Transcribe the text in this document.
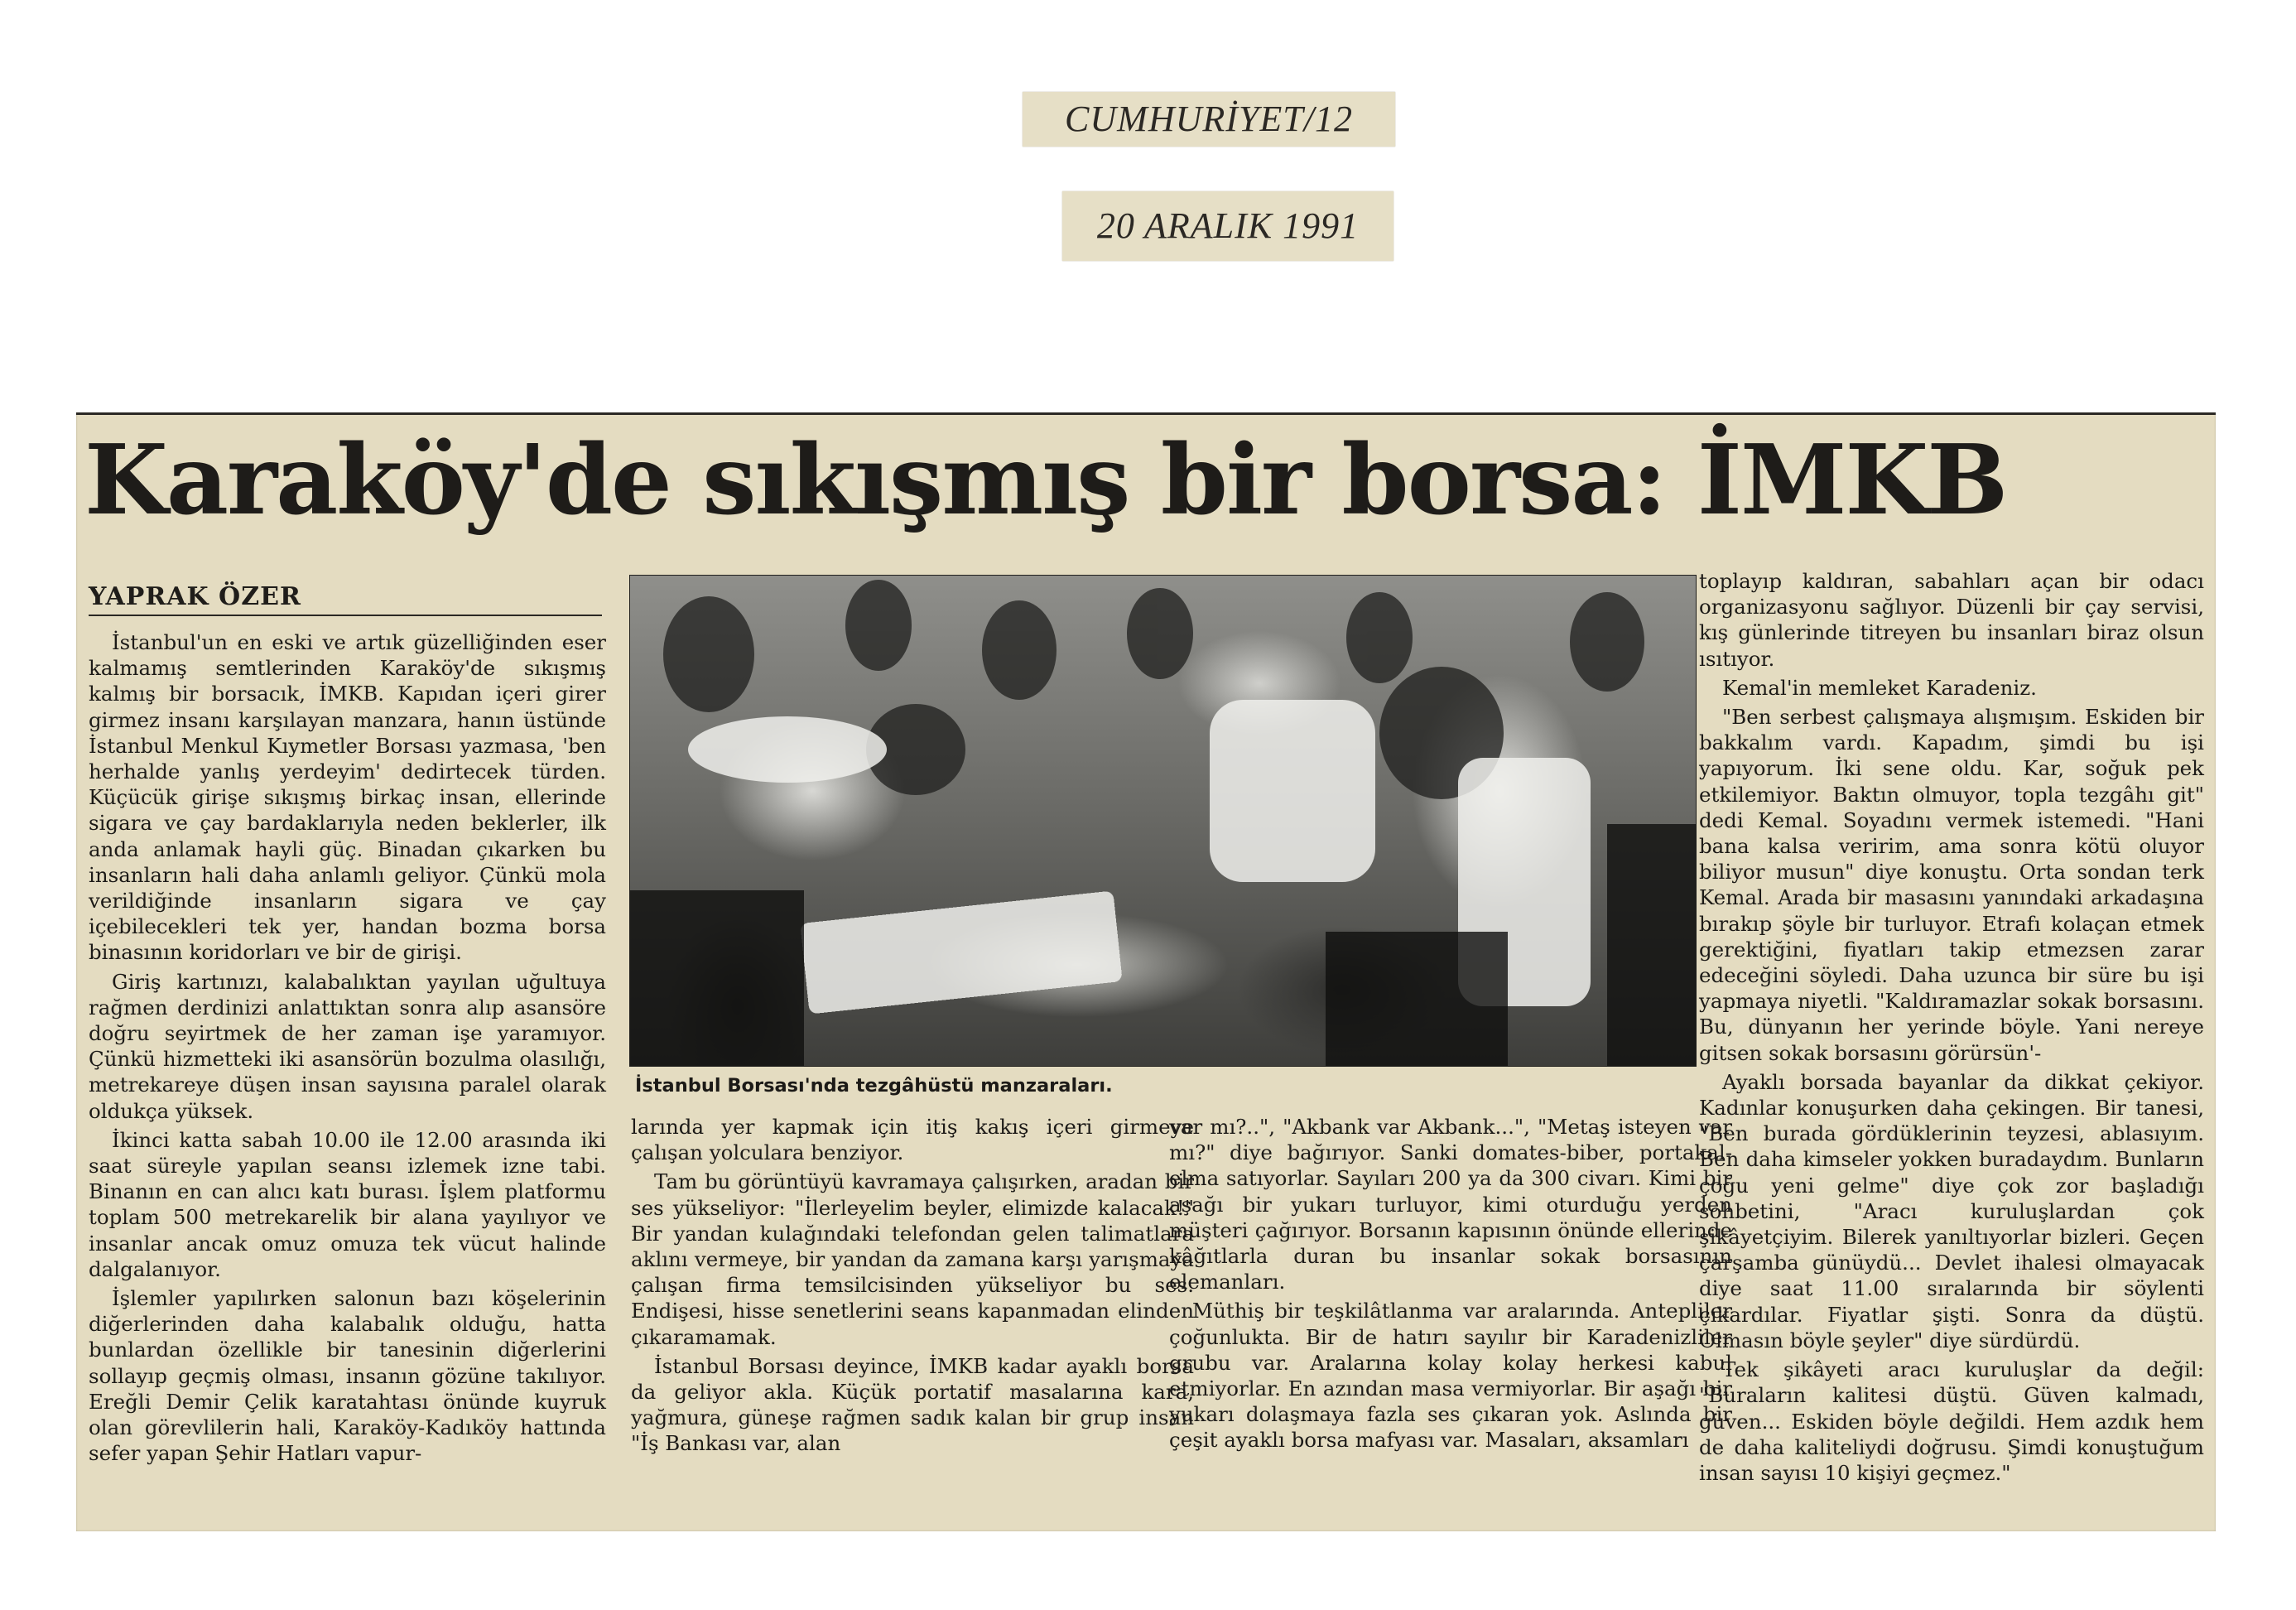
CUMHURİYET/12
20 ARALIK 1991
Karaköy'de sıkışmış bir borsa: İMKB
YAPRAK ÖZER

İstanbul'un en eski ve artık güzelliğinden eser kalmamış semtlerinden Karaköy'de sıkışmış kalmış bir borsacık, İMKB. Kapıdan içeri girer girmez insanı karşılayan manzara, hanın üstünde İstanbul Menkul Kıymetler Borsası yazmasa, 'ben herhalde yanlış yerdeyim' dedirtecek türden. Küçücük girişe sıkışmış birkaç insan, ellerinde sigara ve çay bardaklarıyla neden beklerler, ilk anda anlamak hayli güç. Binadan çıkarken bu insanların hali daha anlamlı geliyor. Çünkü mola verildiğinde insanların sigara ve çay içebilecekleri tek yer, handan bozma borsa binasının koridorları ve bir de girişi.

Giriş kartınızı, kalabalıktan yayılan uğultuya rağmen derdinizi anlattıktan sonra alıp asansöre doğru seyirtmek de her zaman işe yaramıyor. Çünkü hizmetteki iki asansörün bozulma olasılığı, metrekareye düşen insan sayısına paralel olarak oldukça yüksek.

İkinci katta sabah 10.00 ile 12.00 arasında iki saat süreyle yapılan seansı izlemek izne tabi. Binanın en can alıcı katı burası. İşlem platformu toplam 500 metrekarelik bir alana yayılıyor ve insanlar ancak omuz omuza tek vücut halinde dalgalanıyor.

İşlemler yapılırken salonun bazı köşelerinin diğerlerinden daha kalabalık olduğu, hatta bunlardan özellikle bir tanesinin diğerlerini sollayıp geçmiş olması, insanın gözüne takılıyor. Ereğli Demir Çelik karatahtası önünde kuyruk olan görevlilerin hali, Karaköy-Kadıköy hattında sefer yapan Şehir Hatları vapur-

İstanbul Borsası'nda tezgâhüstü manzaraları.

larında yer kapmak için itiş kakış içeri girmeye çalışan yolculara benziyor.

Tam bu görüntüyü kavramaya çalışırken, aradan bir ses yükseliyor: "İlerleyelim beyler, elimizde kalacak!" Bir yandan kulağındaki telefondan gelen talimatlara aklını vermeye, bir yandan da zamana karşı yarışmaya çalışan firma temsilcisinden yükseliyor bu ses. Endişesi, hisse senetlerini seans kapanmadan elinden çıkaramamak.

İstanbul Borsası deyince, İMKB kadar ayaklı borsa da geliyor akla. Küçük portatif masalarına kara, yağmura, güneşe rağmen sadık kalan bir grup insan "İş Bankası var, alan

var mı?..", "Akbank var Akbank...", "Metaş isteyen var mı?" diye bağırıyor. Sanki domates-biber, portakal-elma satıyorlar. Sayıları 200 ya da 300 civarı. Kimi bir aşağı bir yukarı turluyor, kimi oturduğu yerden müşteri çağırıyor. Borsanın kapısının önünde ellerinde kâğıtlarla duran bu insanlar sokak borsasının elemanları.

Müthiş bir teşkilâtlanma var aralarında. Antepliler çoğunlukta. Bir de hatırı sayılır bir Karadenizliler grubu var. Aralarına kolay kolay herkesi kabul etmiyorlar. En azından masa vermiyorlar. Bir aşağı bir yukarı dolaşmaya fazla ses çıkaran yok. Aslında bir çeşit ayaklı borsa mafyası var. Masaları, aksamları

toplayıp kaldıran, sabahları açan bir odacı organizasyonu sağlıyor. Düzenli bir çay servisi, kış günlerinde titreyen bu insanları biraz olsun ısıtıyor.

Kemal'in memleket Karadeniz.

"Ben serbest çalışmaya alışmışım. Eskiden bir bakkalım vardı. Kapadım, şimdi bu işi yapıyorum. İki sene oldu. Kar, soğuk pek etkilemiyor. Baktın olmuyor, topla tezgâhı git" dedi Kemal. Soyadını vermek istemedi. "Hani bana kalsa veririm, ama sonra kötü oluyor biliyor musun" diye konuştu. Orta sondan terk Kemal. Arada bir masasını yanındaki arkadaşına bırakıp şöyle bir turluyor. Etrafı kolaçan etmek gerektiğini, fiyatları takip etmezsen zarar edeceğini söyledi. Daha uzunca bir süre bu işi yapmaya niyetli. "Kaldıramazlar sokak borsasını. Bu, dünyanın her yerinde böyle. Yani nereye gitsen sokak borsasını görürsün'-

Ayaklı borsada bayanlar da dikkat çekiyor. Kadınlar konuşurken daha çekingen. Bir tanesi, "Ben burada gördüklerinin teyzesi, ablasıyım. Ben daha kimseler yokken buradaydım. Bunların çoğu yeni gelme" diye çok zor başladığı sohbetini, "Aracı kuruluşlardan çok şikâyetçiyim. Bilerek yanıltıyorlar bizleri. Geçen çarşamba günüydü... Devlet ihalesi olmayacak diye saat 11.00 sıralarında bir söylenti çıkardılar. Fiyatlar şişti. Sonra da düştü. Olmasın böyle şeyler" diye sürdürdü.

Tek şikâyeti aracı kuruluşlar da değil: "Buraların kalitesi düştü. Güven kalmadı, güven... Eskiden böyle değildi. Hem azdık hem de daha kaliteliydi doğrusu. Şimdi konuştuğum insan sayısı 10 kişiyi geçmez."
